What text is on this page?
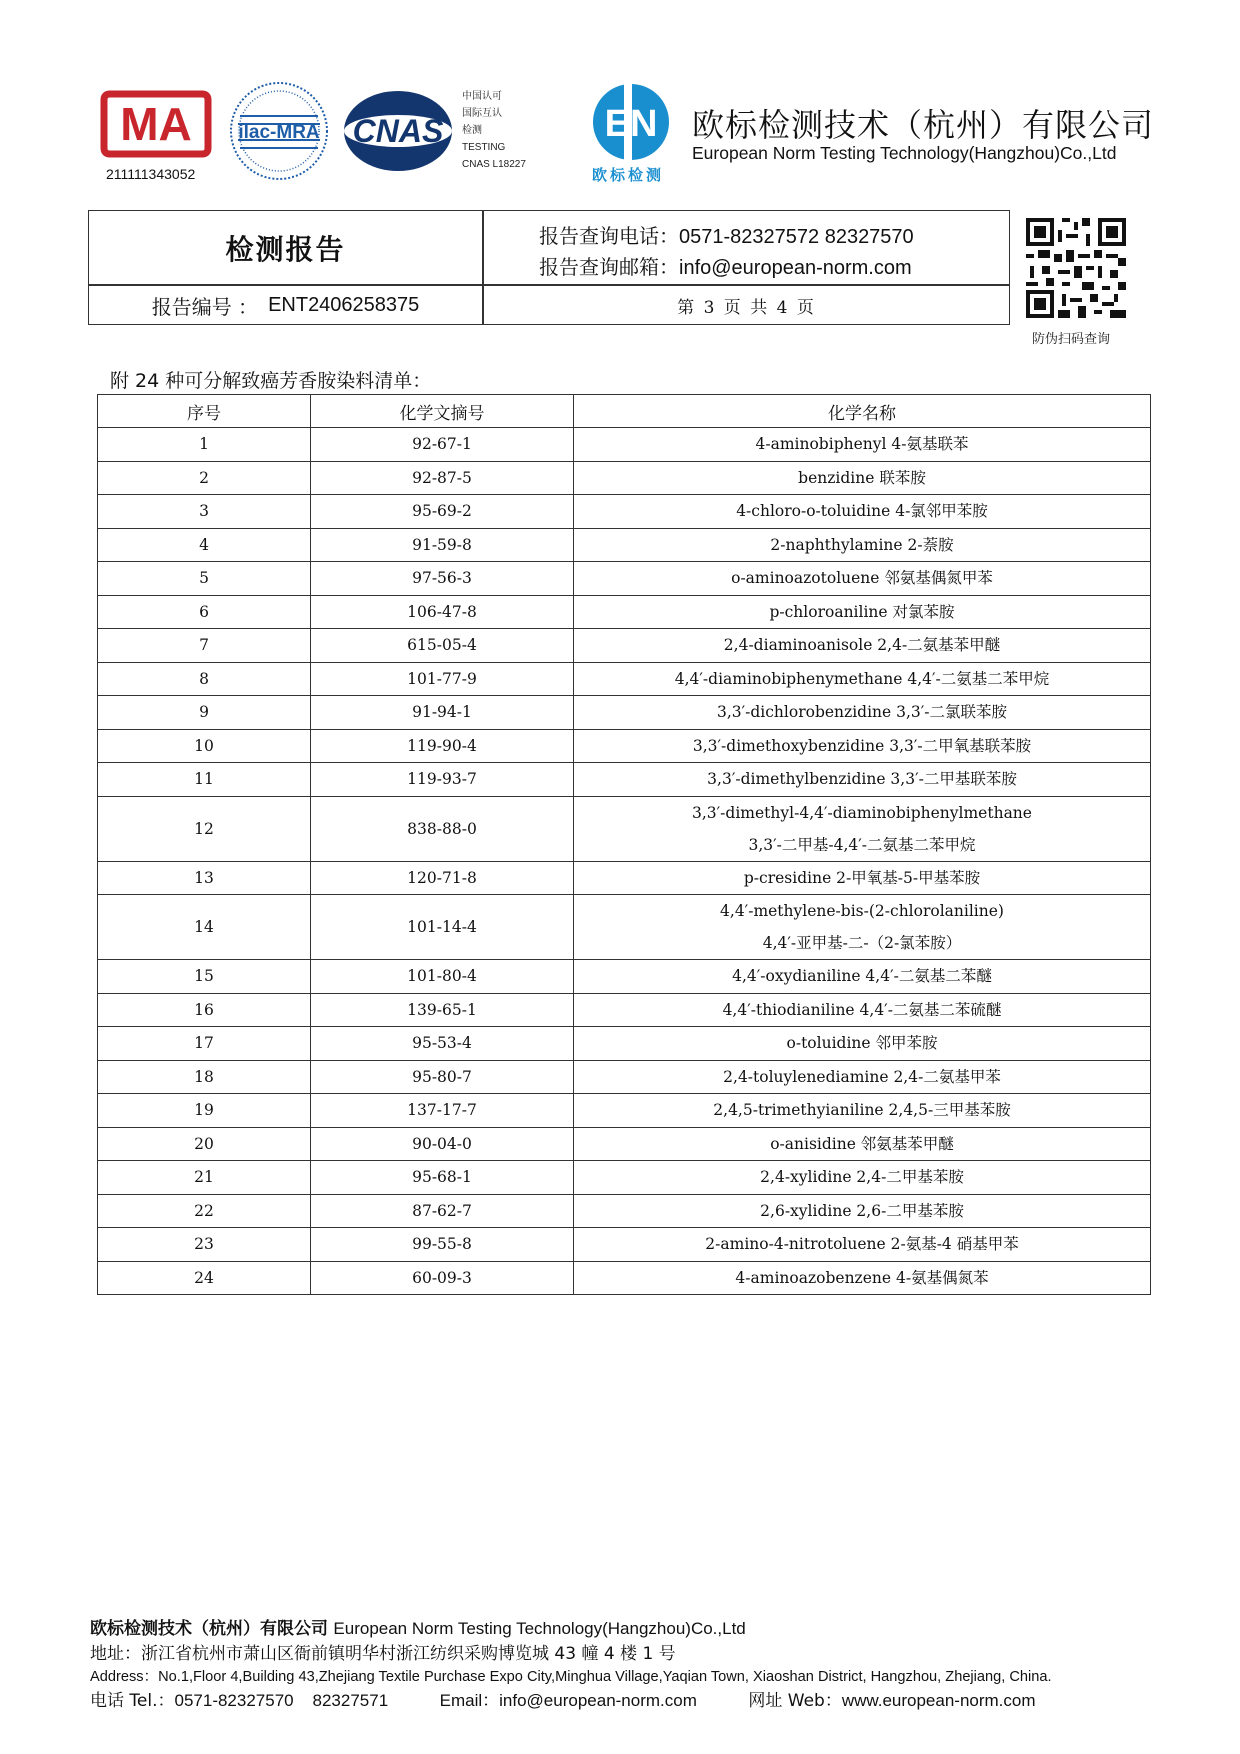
MA
211111343052
ilac-MRA CNAS
中国认可
国际互认
检测
TESTING
CNAS L18227
EN
欧标检测
欧标检测技术（杭州）有限公司
European Norm Testing Technology(Hangzhou)Co.,Ltd
检测报告	报告查询电话：0571-82327572 82327570
报告查询邮箱：info@european-norm.com
报告编号 ： ENT2406258375	第 3 页 共 4 页
防伪扫码查询
附 24 种可分解致癌芳香胺染料清单：
序号	化学文摘号	化学名称
1	92-67-1	4-aminobiphenyl 4-氨基联苯

2	92-87-5	benzidine 联苯胺

3	95-69-2	4-chloro-o-toluidine 4-氯邻甲苯胺

4	91-59-8	2-naphthylamine 2-萘胺

5	97-56-3	o-aminoazotoluene 邻氨基偶氮甲苯

6	106-47-8	p-chloroaniline 对氯苯胺

7	615-05-4	2,4-diaminoanisole 2,4-二氨基苯甲醚

8	101-77-9	4,4′-diaminobiphenymethane 4,4′-二氨基二苯甲烷

9	91-94-1	3,3′-dichlorobenzidine 3,3′-二氯联苯胺

10	119-90-4	3,3′-dimethoxybenzidine 3,3′-二甲氧基联苯胺

11	119-93-7	3,3′-dimethylbenzidine 3,3′-二甲基联苯胺

12	838-88-0	3,3′-dimethyl-4,4′-diaminobiphenylmethane
3,3′-二甲基-4,4′-二氨基二苯甲烷

13	120-71-8	p-cresidine 2-甲氧基-5-甲基苯胺

14	101-14-4	4,4′-methylene-bis-(2-chlorolaniline)
4,4′-亚甲基-二-（2-氯苯胺）

15	101-80-4	4,4′-oxydianiline 4,4′-二氨基二苯醚

16	139-65-1	4,4′-thiodianiline 4,4′-二氨基二苯硫醚

17	95-53-4	o-toluidine 邻甲苯胺

18	95-80-7	2,4-toluylenediamine 2,4-二氨基甲苯

19	137-17-7	2,4,5-trimethyianiline 2,4,5-三甲基苯胺

20	90-04-0	o-anisidine 邻氨基苯甲醚

21	95-68-1	2,4-xylidine 2,4-二甲基苯胺

22	87-62-7	2,6-xylidine 2,6-二甲基苯胺

23	99-55-8	2-amino-4-nitrotoluene 2-氨基-4 硝基甲苯

24	60-09-3	4-aminoazobenzene 4-氨基偶氮苯
欧标检测技术（杭州）有限公司 European Norm Testing Technology(Hangzhou)Co.,Ltd
地址：浙江省杭州市萧山区衙前镇明华村浙江纺织采购博览城 43 幢 4 楼 1 号
Address：No.1,Floor 4,Building 43,Zhejiang Textile Purchase Expo City,Minghua Village,Yaqian Town, Xiaoshan District, Hangzhou, Zhejiang, China.
电话 Tel.：0571-82327570    82327571	Email：info@european-norm.com	网址 Web：www.european-norm.com
